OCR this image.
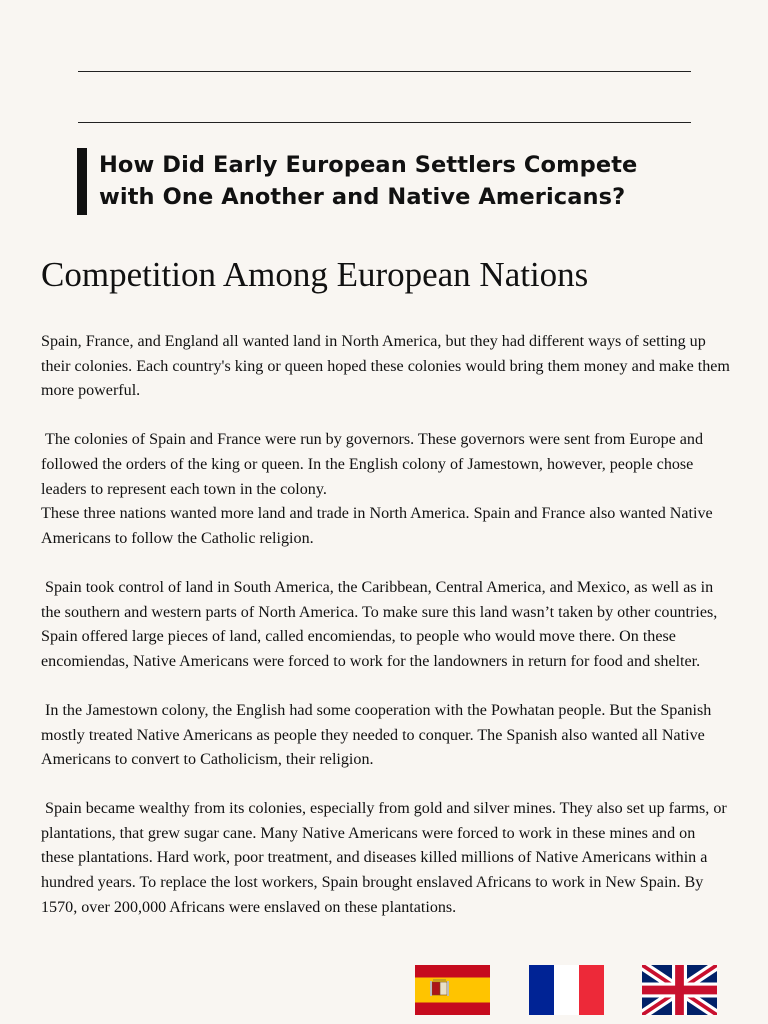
How Did Early European Settlers Compete with One Another and Native Americans?
Competition Among European Nations

Spain, France, and England all wanted land in North America, but they had different ways of setting up their colonies. Each country's king or queen hoped these colonies would bring them money and make them more powerful.

The colonies of Spain and France were run by governors. These governors were sent from Europe and followed the orders of the king or queen. In the English colony of Jamestown, however, people chose leaders to represent each town in the colony.

These three nations wanted more land and trade in North America. Spain and France also wanted Native Americans to follow the Catholic religion.

Spain took control of land in South America, the Caribbean, Central America, and Mexico, as well as in the southern and western parts of North America. To make sure this land wasn’t taken by other countries, Spain offered large pieces of land, called encomiendas, to people who would move there. On these encomiendas, Native Americans were forced to work for the landowners in return for food and shelter.

In the Jamestown colony, the English had some cooperation with the Powhatan people. But the Spanish mostly treated Native Americans as people they needed to conquer. The Spanish also wanted all Native Americans to convert to Catholicism, their religion.

Spain became wealthy from its colonies, especially from gold and silver mines. They also set up farms, or plantations, that grew sugar cane. Many Native Americans were forced to work in these mines and on these plantations. Hard work, poor treatment, and diseases killed millions of Native Americans within a hundred years. To replace the lost workers, Spain brought enslaved Africans to work in New Spain. By 1570, over 200,000 Africans were enslaved on these plantations.
